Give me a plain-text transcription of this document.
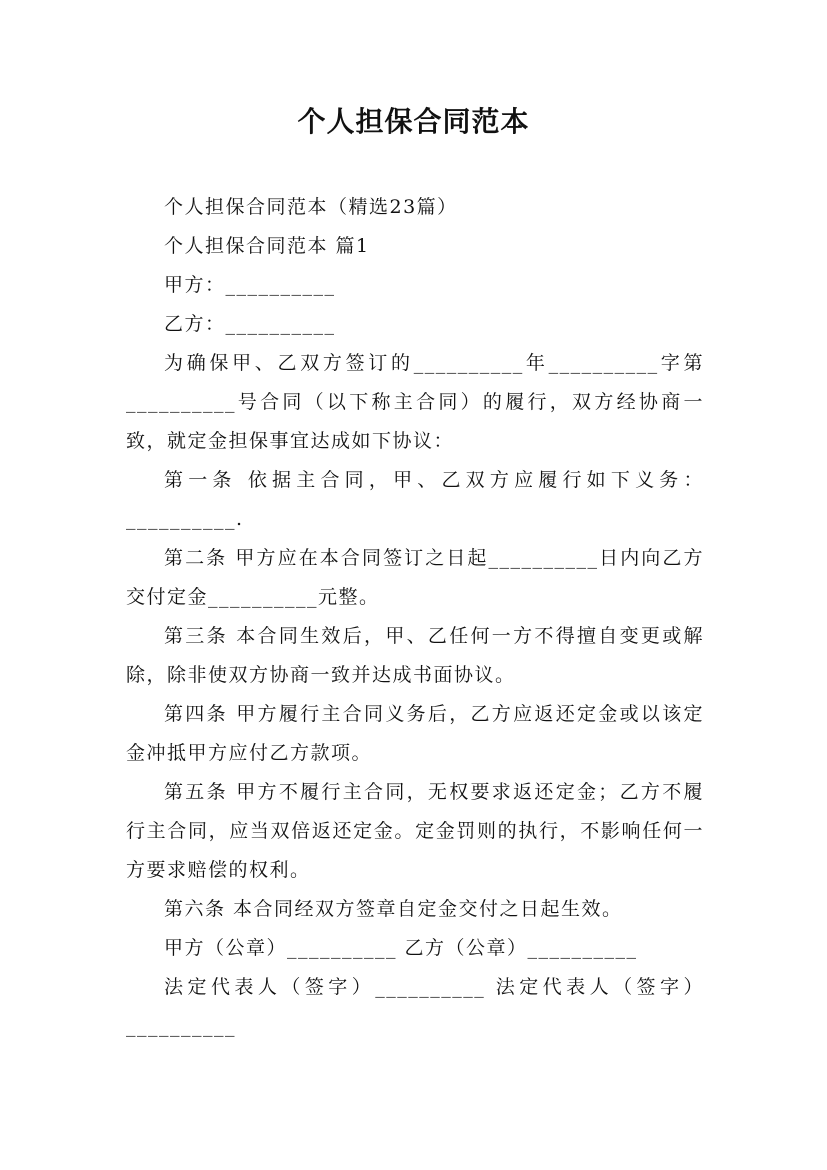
个人担保合同范本

个人担保合同范本（精选23篇）

个人担保合同范本 篇1

甲方：__________

乙方：__________

为确保甲、乙双方签订的__________年__________字第__________号合同（以下称主合同）的履行，双方经协商一致，就定金担保事宜达成如下协议：

第一条 依据主合同，甲、乙双方应履行如下义务：__________.

第二条 甲方应在本合同签订之日起__________日内向乙方交付定金__________元整。

第三条 本合同生效后，甲、乙任何一方不得擅自变更或解除，除非使双方协商一致并达成书面协议。

第四条 甲方履行主合同义务后，乙方应返还定金或以该定金冲抵甲方应付乙方款项。

第五条 甲方不履行主合同，无权要求返还定金；乙方不履行主合同，应当双倍返还定金。定金罚则的执行，不影响任何一方要求赔偿的权利。

第六条 本合同经双方签章自定金交付之日起生效。

甲方（公章）__________ 乙方（公章）__________

法定代表人（签字）__________ 法定代表人（签字）__________
